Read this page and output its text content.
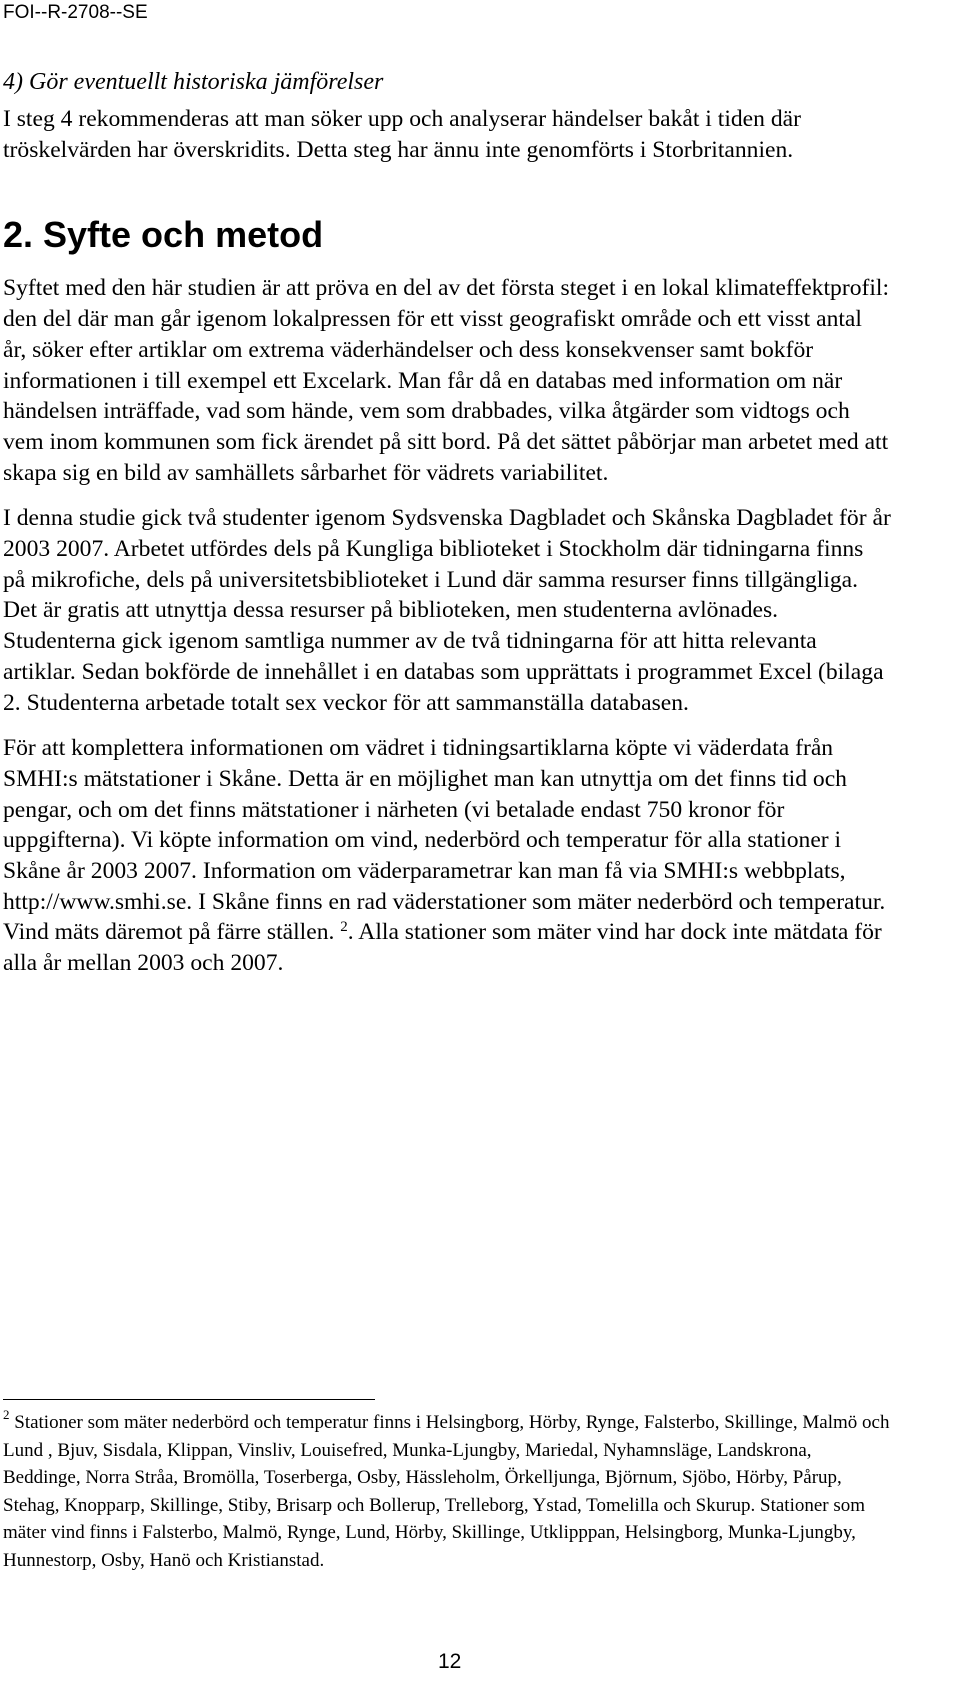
FOI--R-2708--SE
4) Gör eventuellt historiska jämförelser

I steg 4 rekommenderas att man söker upp och analyserar händelser bakåt i tiden där tröskelvärden har överskridits. Detta steg har ännu inte genomförts i Storbritannien.

2. Syfte och metod

Syftet med den här studien är att pröva en del av det första steget i en lokal klimateffektprofil: den del där man går igenom lokalpressen för ett visst geografiskt område och ett visst antal år, söker efter artiklar om extrema väderhändelser och dess konsekvenser samt bokför informationen i till exempel ett Excelark. Man får då en databas med information om när händelsen inträffade, vad som hände, vem som drabbades, vilka åtgärder som vidtogs och vem inom kommunen som fick ärendet på sitt bord. På det sättet påbörjar man arbetet med att skapa sig en bild av samhällets sårbarhet för vädrets variabilitet.

I denna studie gick två studenter igenom Sydsvenska Dagbladet och Skånska Dagbladet för år 2003 2007. Arbetet utfördes dels på Kungliga biblioteket i Stockholm där tidningarna finns på mikrofiche, dels på universitetsbiblioteket i Lund där samma resurser finns tillgängliga. Det är gratis att utnyttja dessa resurser på biblioteken, men studenterna avlönades. Studenterna gick igenom samtliga nummer av de två tidningarna för att hitta relevanta artiklar. Sedan bokförde de innehållet i en databas som upprättats i programmet Excel (bilaga 2. Studenterna arbetade totalt sex veckor för att sammanställa databasen.

För att komplettera informationen om vädret i tidningsartiklarna köpte vi väderdata från SMHI:s mätstationer i Skåne. Detta är en möjlighet man kan utnyttja om det finns tid och pengar, och om det finns mätstationer i närheten (vi betalade endast 750 kronor för uppgifterna). Vi köpte information om vind, nederbörd och temperatur för alla stationer i Skåne år 2003 2007. Information om väderparametrar kan man få via SMHI:s webbplats, http://www.smhi.se. I Skåne finns en rad väderstationer som mäter nederbörd och temperatur. Vind mäts däremot på färre ställen. $^2$. Alla stationer som mäter vind har dock inte mätdata för alla år mellan 2003 och 2007.

$^2$ Stationer som mäter nederbörd och temperatur finns i Helsingborg, Hörby, Rynge, Falsterbo, Skillinge, Malmö och Lund , Bjuv, Sisdala, Klippan, Vinsliv, Louisefred, Munka-Ljungby, Mariedal, Nyhamnsläge, Landskrona, Beddinge, Norra Stråa, Bromölla, Toserberga, Osby, Hässleholm, Örkelljunga, Björnum, Sjöbo, Hörby, Pårup, Stehag, Knopparp, Skillinge, Stiby, Brisarp och Bollerup, Trelleborg, Ystad, Tomelilla och Skurup. Stationer som mäter vind finns i Falsterbo, Malmö, Rynge, Lund, Hörby, Skillinge, Utklipppan, Helsingborg, Munka-Ljungby, Hunnestorp, Osby, Hanö och Kristianstad.
12
